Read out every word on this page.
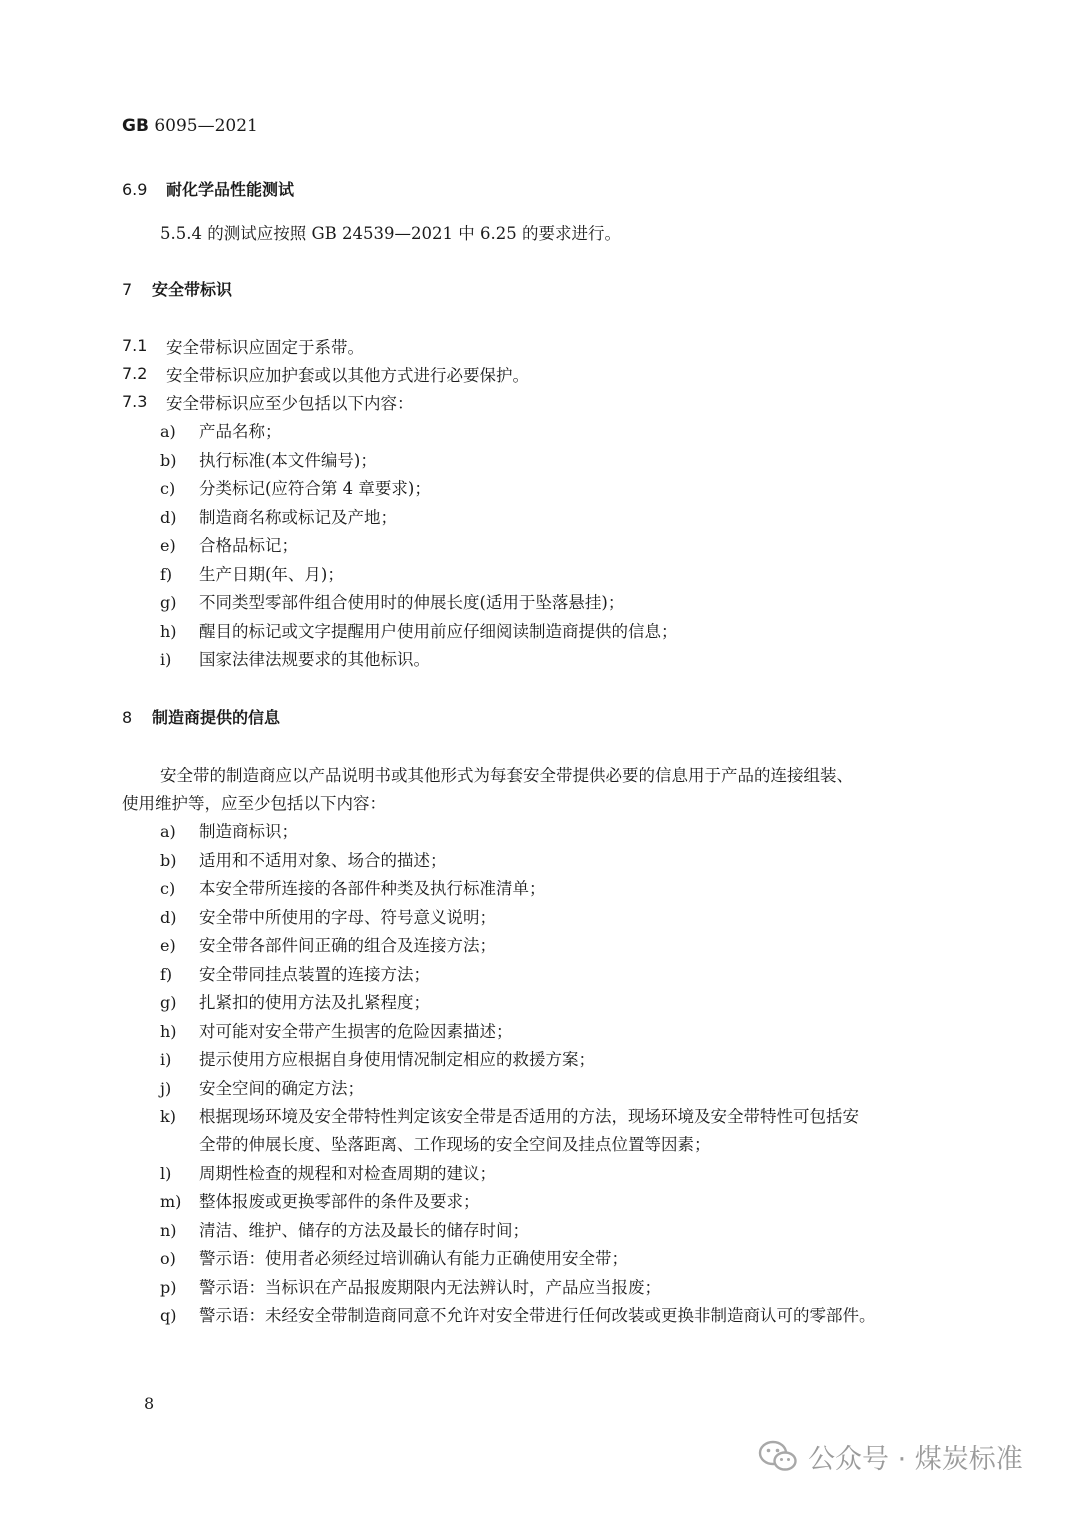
GB 6095—2021
6.9 耐化学品性能测试
5.5.4 的测试应按照 GB 24539—2021 中 6.25 的要求进行。
7 安全带标识
7.1 安全带标识应固定于系带。
7.2 安全带标识应加护套或以其他方式进行必要保护。
7.3 安全带标识应至少包括以下内容：
a) 产品名称；
b) 执行标准(本文件编号)；
c) 分类标记(应符合第 4 章要求)；
d) 制造商名称或标记及产地；
e) 合格品标记；
f) 生产日期(年、月)；
g) 不同类型零部件组合使用时的伸展长度(适用于坠落悬挂)；
h) 醒目的标记或文字提醒用户使用前应仔细阅读制造商提供的信息；
i) 国家法律法规要求的其他标识。
8 制造商提供的信息
安全带的制造商应以产品说明书或其他形式为每套安全带提供必要的信息用于产品的连接组装、
使用维护等，应至少包括以下内容：
a) 制造商标识；
b) 适用和不适用对象、场合的描述；
c) 本安全带所连接的各部件种类及执行标准清单；
d) 安全带中所使用的字母、符号意义说明；
e) 安全带各部件间正确的组合及连接方法；
f) 安全带同挂点装置的连接方法；
g) 扎紧扣的使用方法及扎紧程度；
h) 对可能对安全带产生损害的危险因素描述；
i) 提示使用方应根据自身使用情况制定相应的救援方案；
j) 安全空间的确定方法；
k) 根据现场环境及安全带特性判定该安全带是否适用的方法，现场环境及安全带特性可包括安
全带的伸展长度、坠落距离、工作现场的安全空间及挂点位置等因素；
l) 周期性检查的规程和对检查周期的建议；
m) 整体报废或更换零部件的条件及要求；
n) 清洁、维护、储存的方法及最长的储存时间；
o) 警示语：使用者必须经过培训确认有能力正确使用安全带；
p) 警示语：当标识在产品报废期限内无法辨认时，产品应当报废；
q) 警示语：未经安全带制造商同意不允许对安全带进行任何改装或更换非制造商认可的零部件。
8
公众号 · 煤炭标准
